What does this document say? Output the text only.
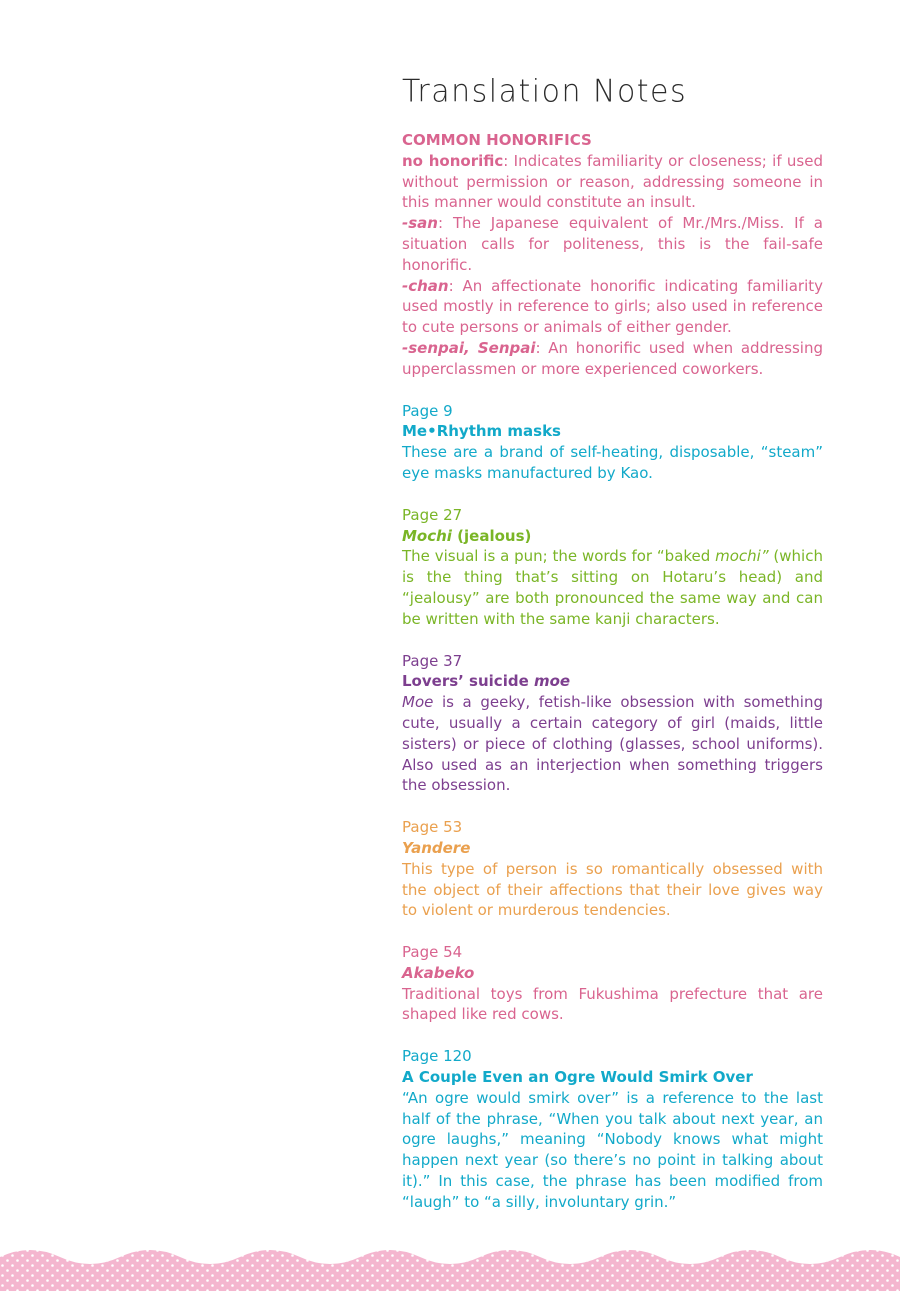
Translation Notes
COMMON HONORIFICS
no honorific: Indicates familiarity or closeness; if used without permission or reason, addressing someone in this manner would constitute an insult.
-san: The Japanese equivalent of Mr./Mrs./Miss. If a situation calls for politeness, this is the fail-safe honorific.
-chan: An affectionate honorific indicating familiarity used mostly in reference to girls; also used in reference to cute persons or animals of either gender.
-senpai, Senpai: An honorific used when addressing upperclassmen or more experienced coworkers.
Page 9
Me•Rhythm masks
These are a brand of self-heating, disposable, “steam” eye masks manufactured by Kao.
Page 27
Mochi (jealous)
The visual is a pun; the words for “baked mochi” (which is the thing that’s sitting on Hotaru’s head) and “jealousy” are both pronounced the same way and can be written with the same kanji characters.
Page 37
Lovers’ suicide moe
Moe is a geeky, fetish-like obsession with something cute, usually a certain category of girl (maids, little sisters) or piece of clothing (glasses, school uniforms). Also used as an interjection when something triggers the obsession.
Page 53
Yandere
This type of person is so romantically obsessed with the object of their affections that their love gives way to violent or murderous tendencies.
Page 54
Akabeko
Traditional toys from Fukushima prefecture that are shaped like red cows.
Page 120
A Couple Even an Ogre Would Smirk Over
“An ogre would smirk over” is a reference to the last half of the phrase, “When you talk about next year, an ogre laughs,” meaning “Nobody knows what might happen next year (so there’s no point in talking about it).” In this case, the phrase has been modified from “laugh” to “a silly, involuntary grin.”
